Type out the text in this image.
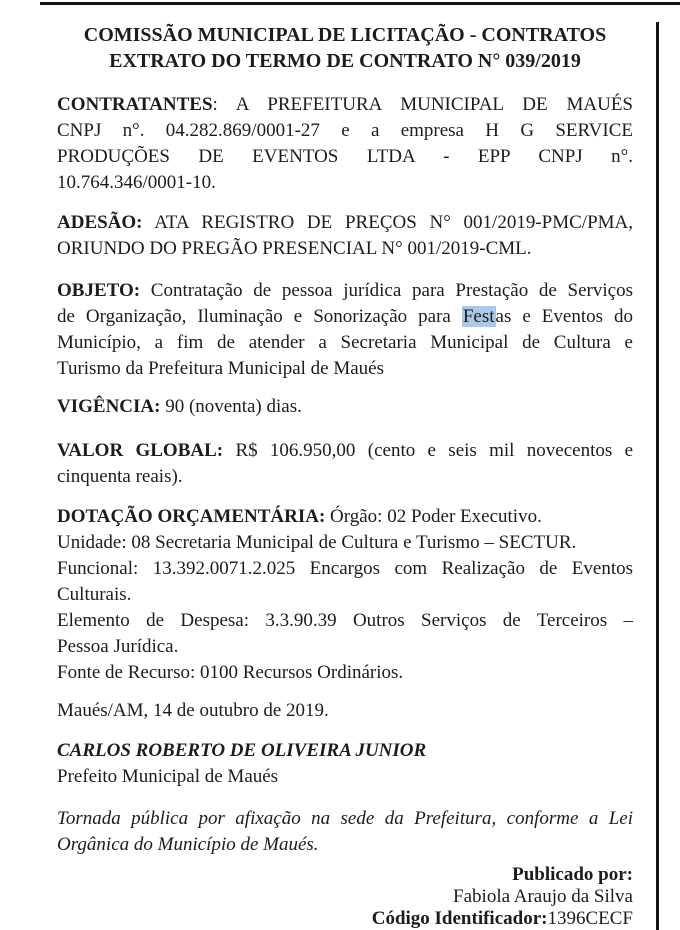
COMISSÃO MUNICIPAL DE LICITAÇÃO - CONTRATOS
EXTRATO DO TERMO DE CONTRATO N° 039/2019
CONTRATANTES: A PREFEITURA MUNICIPAL DE MAUÉS
CNPJ n°. 04.282.869/0001-27 e a empresa H G SERVICE
PRODUÇÕES DE EVENTOS LTDA - EPP CNPJ n°.
10.764.346/0001-10.
ADESÃO: ATA REGISTRO DE PREÇOS N° 001/2019-PMC/PMA,
ORIUNDO DO PREGÃO PRESENCIAL N° 001/2019-CML.
OBJETO: Contratação de pessoa jurídica para Prestação de Serviços
de Organização, Iluminação e Sonorização para Festas e Eventos do
Município, a fim de atender a Secretaria Municipal de Cultura e
Turismo da Prefeitura Municipal de Maués
VIGÊNCIA: 90 (noventa) dias.
VALOR GLOBAL: R$ 106.950,00 (cento e seis mil novecentos e
cinquenta reais).
DOTAÇÃO ORÇAMENTÁRIA: Órgão: 02 Poder Executivo.
Unidade: 08 Secretaria Municipal de Cultura e Turismo – SECTUR.
Funcional: 13.392.0071.2.025 Encargos com Realização de Eventos
Culturais.
Elemento de Despesa: 3.3.90.39 Outros Serviços de Terceiros –
Pessoa Jurídica.
Fonte de Recurso: 0100 Recursos Ordinários.
Maués/AM, 14 de outubro de 2019.
CARLOS ROBERTO DE OLIVEIRA JUNIOR
Prefeito Municipal de Maués
Tornada pública por afixação na sede da Prefeitura, conforme a Lei
Orgânica do Município de Maués.
Publicado por:
Fabiola Araujo da Silva
Código Identificador:1396CECF
